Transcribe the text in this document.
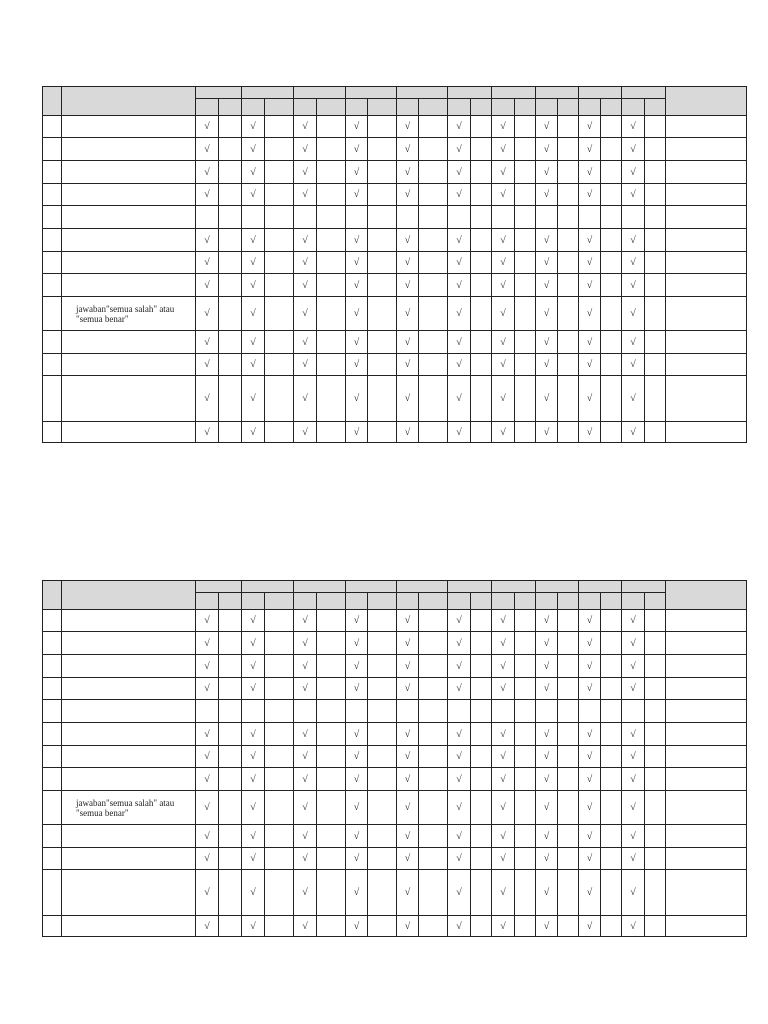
		√		√		√		√		√		√		√		√		√		√		
		√		√		√		√		√		√		√		√		√		√		
		√		√		√		√		√		√		√		√		√		√		
		√		√		√		√		√		√		√		√		√		√		

		√		√		√		√		√		√		√		√		√		√		
		√		√		√		√		√		√		√		√		√		√		
		√		√		√		√		√		√		√		√		√		√		
	jawaban"semua salah" atau "semua benar"	√		√		√		√		√		√		√		√		√		√		
		√		√		√		√		√		√		√		√		√		√		
		√		√		√		√		√		√		√		√		√		√		
		√		√		√		√		√		√		√		√		√		√		
		√		√		√		√		√		√		√		√		√		√		

		√		√		√		√		√		√		√		√		√		√		
		√		√		√		√		√		√		√		√		√		√		
		√		√		√		√		√		√		√		√		√		√		
		√		√		√		√		√		√		√		√		√		√		

		√		√		√		√		√		√		√		√		√		√		
		√		√		√		√		√		√		√		√		√		√		
		√		√		√		√		√		√		√		√		√		√		
	jawaban"semua salah" atau "semua benar"	√		√		√		√		√		√		√		√		√		√		
		√		√		√		√		√		√		√		√		√		√		
		√		√		√		√		√		√		√		√		√		√		
		√		√		√		√		√		√		√		√		√		√		
		√		√		√		√		√		√		√		√		√		√		
